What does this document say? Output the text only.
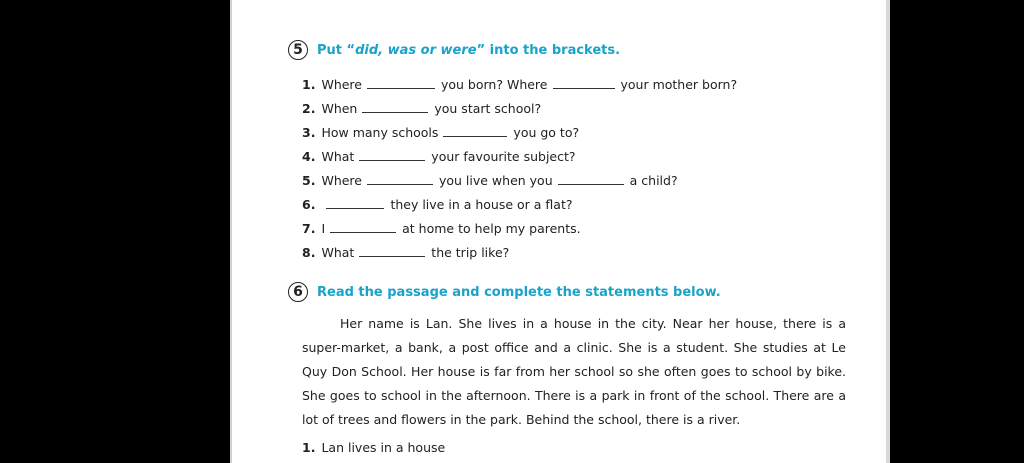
5	Put “did, was or were” into the brackets.
1. Where	you born? Where	your mother born?
2. When	you start school?
3. How many schools	you go to?
4. What	your favourite subject?
5. Where	you live when you	a child?
6.	they live in a house or a flat?
7. I	at home to help my parents.
8. What	the trip like?
6	Read the passage and complete the statements below.

Her name is Lan. She lives in a house in the city. Near her house, there is a super-market, a bank, a post office and a clinic. She is a student. She studies at Le Quy Don School. Her house is far from her school so she often goes to school by bike. She goes to school in the afternoon. There is a park in front of the school. There are a lot of trees and flowers in the park. Behind the school, there is a river.

1. Lan lives in a house
